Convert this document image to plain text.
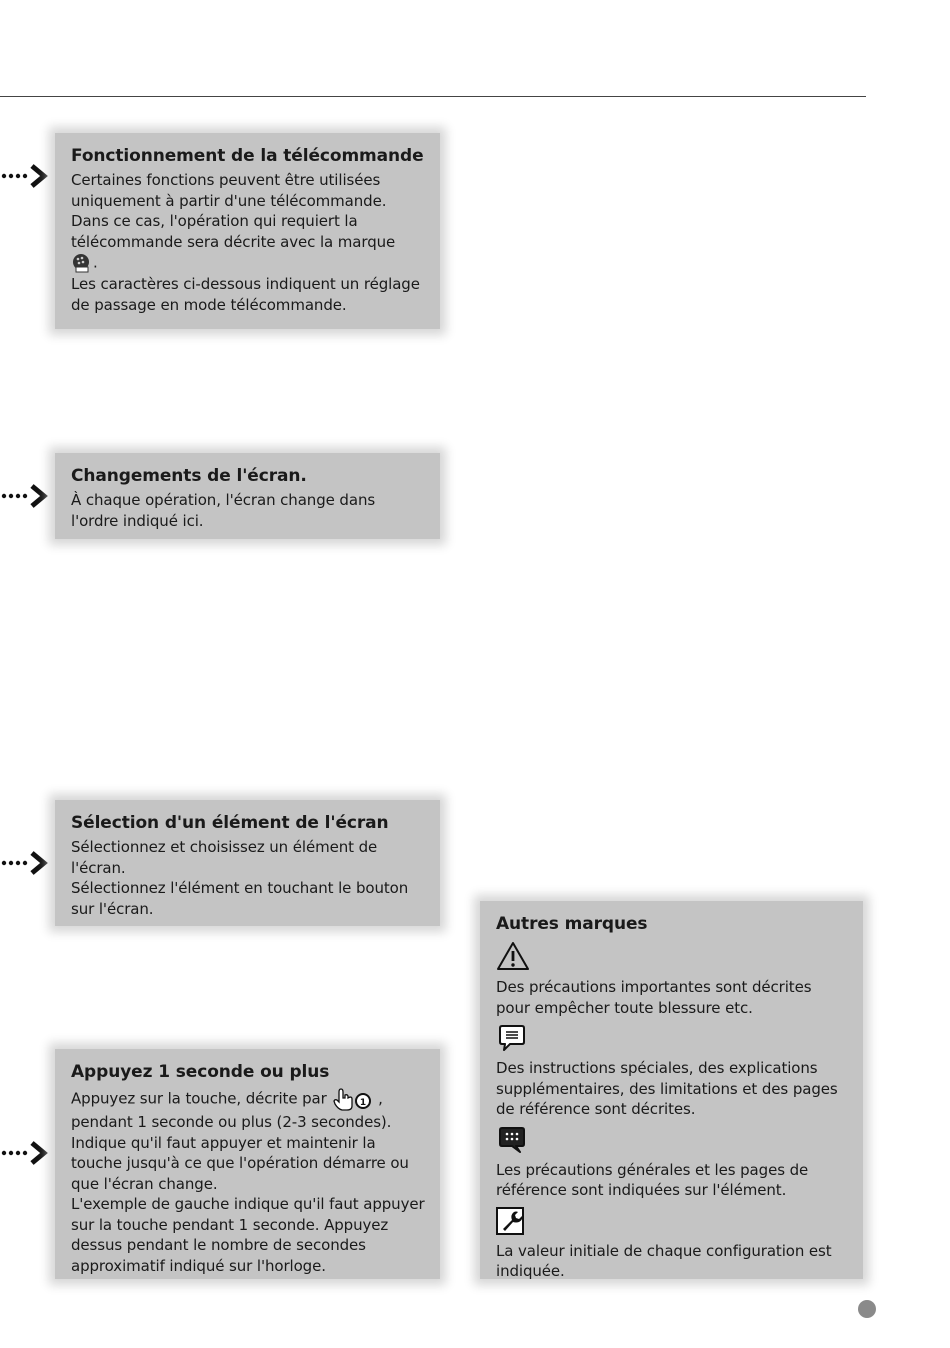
Fonctionnement de la télécommande

Certaines fonctions peuvent être utilisées uniquement à partir d'une télécommande. Dans ce cas, l'opération qui requiert la télécommande sera décrite avec la marque

.

Les caractères ci-dessous indiquent un réglage de passage en mode télécommande.

Changements de l'écran.

À chaque opération, l'écran change dans l'ordre indiqué ici.

Sélection d'un élément de l'écran

Sélectionnez et choisissez un élément de l'écran.

Sélectionnez l'élément en touchant le bouton sur l'écran.

Appuyez 1 seconde ou plus

Appuyez sur la touche, décrite par	1 , pendant 1 seconde ou plus (2-3 secondes).

Indique qu'il faut appuyer et maintenir la touche jusqu'à ce que l'opération démarre ou que l'écran change.

L'exemple de gauche indique qu'il faut appuyer sur la touche pendant 1 seconde. Appuyez dessus pendant le nombre de secondes approximatif indiqué sur l'horloge.

Autres marques

Des précautions importantes sont décrites pour empêcher toute blessure etc.

Des instructions spéciales, des explications supplémentaires, des limitations et des pages de référence sont décrites.

Les précautions générales et les pages de référence sont indiquées sur l'élément.

La valeur initiale de chaque configuration est indiquée.
